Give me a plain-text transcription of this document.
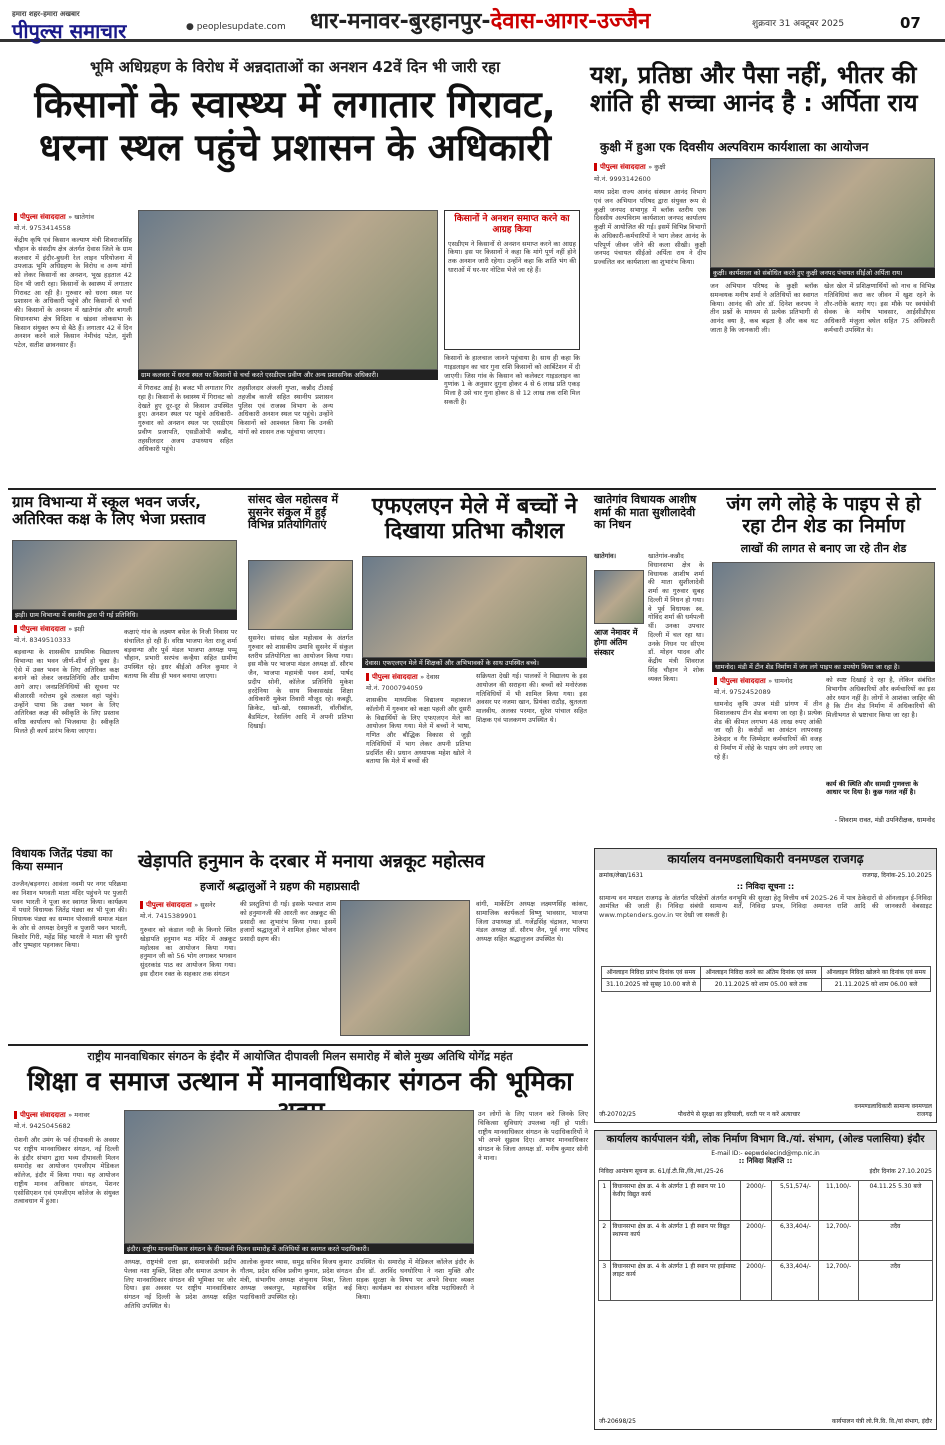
हमारा शहर-हमारा अखबार
पीपुल्स समाचार	● peoplesupdate.com धार-मनावर-बुरहानपुर-देवास-आगर-उज्जैन	शुक्रवार 31 अक्टूबर 2025	07
भूमि अधिग्रहण के विरोध में अन्नदाताओं का अनशन 42वें दिन भी जारी रहा
किसानों के स्वास्थ्य में लगातार गिरावट, धरना स्थल पहुंचे प्रशासन के अधिकारी
पीपुल्स संवाददाता » खातेगांव
मो.नं. 9753414558
केंद्रीय कृषि एवं किसान कल्याण मंत्री शिवराजसिंह चौहान के संसदीय क्षेत्र अंतर्गत देवास जिले के ग्राम कलवार में इंदौर-बुधनी रेल लाइन परियोजना में उपजाऊ भूमि अधिग्रहण के विरोध व अन्य मांगों को लेकर किसानों का अनशन, भूख हड़ताल 42 दिन भी जारी रहा। किसानों के स्वास्थ्य में लगातार गिरावट आ रही है। गुरुवार को धरना स्थल पर प्रशासन के अधिकारी पहुंचे और किसानों से चर्चा की। किसानों के अनशन में खातेगांव और बागली विधानसभा क्षेत्र विदिशा व खंडवा लोकसभा के किसान संयुक्त रूप से बैठे हैं। लगातार 42 वें दिन अनशन करने वाले किसान नेमीचंद पटेल, मुंशी पटेल, सतीश छावनसार हैं।
ग्राम कलवार में धरना स्थल पर किसानों से चर्चा करते एसडीएम प्रवीण और अन्य प्रशासनिक अधिकारी।
किसानों ने अनशन समाप्त करने का आग्रह किया
एसडीएम ने किसानों से अनशन समाप्त करने का आग्रह किया। इस पर किसानों ने कहा कि मांगे पूर्ण नहीं होने तक अनशन जारी रहेगा। उन्होंने कहा कि शांति भंग की धाराओं में घर-घर नोटिस भेजे जा रहे हैं।
किसानों के हालचाल जानने पहुंचाया है। साथ ही कहा कि गाइडलाइन का चार गुना राशि किसानों को आर्बिटेशन में दी जाएगी। जिस गांव के किसान को कलेक्टर गाइडलाइन का गुणांक 1 के अनुसार दुगुना होकर 4 से 6 लाख प्रति एकड़ मिला है उसे चार गुना होकर 8 से 12 लाख तक राशि मिल सकती है।
में गिरावट आई है। बजट भी लगातार गिर रहा है। किसानों के स्वास्थ्य में गिरावट को देखते हुए दूर-दूर से किसान उपस्थित हुए। अनशन स्थल पर पहुंचे अधिकारी- गुरुवार को अनशन स्थल पर एसडीएम प्रवीण प्रजापति, एसडीओपी कन्नौद, तहसीलदार अजय उपाध्याय सहित अधिकारी पहुंचे।
तहसीलदार अंजली गुप्ता, कन्नौद टीआई तहजीब काजी सहित स्थानीय प्रशासन पुलिस एवं राजस्व विभाग के अन्य अधिकारी अनशन स्थल पर पहुंचे। उन्होंने किसानों को आश्वस्त किया कि उनकी मांगों को शासन तक पहुंचाया जाएगा।
यश, प्रतिष्ठा और पैसा नहीं, भीतर की शांति ही सच्चा आनंद है : अर्पिता राय
कुक्षी में हुआ एक दिवसीय अल्पविराम कार्यशाला का आयोजन
पीपुल्स संवाददाता » कुक्षी
मो.नं. 9993142600
मध्य प्रदेश राज्य आनंद संस्थान आनंद विभाग एवं जन अभियान परिषद द्वारा संयुक्त रूप से कुक्षी जनपद सभागृह में ब्लॉक स्तरीय एक दिवसीय अल्पविराम कार्यशाला जनपद कार्यालय कुक्षी में आयोजित की गई। इसमें विभिन्न विभागों के अधिकारी-कर्मचारियों ने भाग लेकर आनंद के परिपूर्ण जीवन जीने की कला सीखी। कुक्षी जनपद पंचायत सीईओ अर्पिता राय ने दीप प्रज्वलित कर कार्यशाला का शुभारंभ किया।
कुक्षी। कार्यशाला को संबोधित करते हुए कुक्षी जनपद पंचायत सीईओ अर्पिता राय।
जन अभियान परिषद के कुक्षी ब्लॉक समन्वयक मनीष शर्मा ने अतिथियों का स्वागत किया। आनंद की ओर डॉ. दिनेश करपय ने तीन प्रश्नों के माध्यम से प्रत्येक प्रतिभागी से आनंद क्या है, कब बढ़ता है और कब घट जाता है कि जानकारी ली।
खेल खेल में प्रशिक्षणार्थियों को नाच व विभिन्न गतिविधियां करा कर जीवन में खुश रहने के तौर-तरीके बताए गए। इस मौके पर स्वयंसेवी सेवक के मनीष भावसार, आईसीडीएस अधिकारी मंजुला बघेल सहित 75 अधिकारी कर्मचारी उपस्थित थे।
ग्राम विभान्या में स्कूल भवन जर्जर, अतिरिक्त कक्ष के लिए भेजा प्रस्ताव
झड़ी। ग्राम विभान्या में स्थानीय द्वारा पी गई प्रतिनिधि।
पीपुल्स संवाददाता » झड़ी
मो.नं. 8349510333
बड़वान्या के शासकीय प्राथमिक विद्यालय विभान्या का भवन जीर्ण-शीर्ण हो चुका है। ऐसे में उक्त भवन के लिए अतिरिक्त कक्ष बनाने को लेकर जनप्रतिनिधि और ग्रामीण आगे आए। जनप्रतिनिधियों की सूचना पर बीआरसी नरोत्तम दुबे तत्काल वहां पहुंचे। उन्होंने पाया कि उक्त भवन के लिए अतिरिक्त कक्ष की स्वीकृति के लिए प्रस्ताव वरिष्ठ कार्यालय को भिजवाया है। स्वीकृति मिलते ही कार्य प्रारंभ किया जाएगा।
कक्षाएं गांव के लक्ष्मण बघेल के निजी निवास पर संचालित हो रही हैं। वरिष्ठ भाजपा नेता राजू शर्मा बड़वान्या और पूर्व मंडल भाजपा अध्यक्ष पप्पू चौहान, प्रभारी सरपंच कन्हैया सहित ग्रामीण उपस्थित रहे। इधर बीईओ अनिल कुमार ने बताया कि शीघ्र ही भवन बनाया जाएगा।
सांसद खेल महोत्सव में सुसनेर संकुल में हुईं विभिन्न प्रतियोगिताएं
सुसनेर। सांसद खेल महोत्सव के अंतर्गत गुरुवार को शासकीय उमावि सुसनेर में संकुल स्तरीय प्रतियोगिता का आयोजन किया गया। इस मौके पर भाजपा मंडल अध्यक्ष डॉ. सौरभ जैन, भाजपा महामंत्री पवन शर्मा, पार्षद प्रदीप सोनी, कॉलेज प्रतिनिधि मुकेश हरदेनिया के साथ विकासखंड शिक्षा अधिकारी मुकेश तिवारी मौजूद रहे। कबड्डी, क्रिकेट, खो-खो, रस्साकशी, वॉलीबॉल, बैडमिंटन, रेसलिंग आदि में अपनी प्रतिभा दिखाई।
एफएलएन मेले में बच्चों ने दिखाया प्रतिभा कौशल
देवास। एफएलएन मेले में शिक्षकों और अभिभावकों के साथ उपस्थित बच्चे।
पीपुल्स संवाददाता » देवास
मो.नं. 7000794059
शासकीय माध्यमिक विद्यालय महाकाल कॉलोनी में गुरुवार को कक्षा पहली और दूसरी के विद्यार्थियों के लिए एफएलएन मेले का आयोजन किया गया। मेले में बच्चों ने भाषा, गणित और बौद्धिक विकास से जुड़ी गतिविधियों में भाग लेकर अपनी प्रतिभा प्रदर्शित की। प्रधान अध्यापक महेश खोले ने बताया कि मेले में बच्चों की
सक्रियता देखी गई। पालकों ने विद्यालय के इस आयोजन की सराहना की। बच्चों को मनोरंजक गतिविधियों में भी शामिल किया गया। इस अवसर पर नजमा खान, प्रियंका राठौड़, श्रुतलता मालवीय, अलका परमार, सुरेश पांचाल सहित शिक्षक एवं पालकगण उपस्थित थे।
खातेगांव विधायक आशीष शर्मा की माता सुशीलादेवी का निधन
आज नेमावर में होगा अंतिम संस्कार
खातेगांव-कन्नौद विधानसभा क्षेत्र के विधायक आशीष शर्मा की माता सुशीलादेवी शर्मा का गुरुवार सुबह दिल्ली में निधन हो गया। वे पूर्व विधायक स्व. गोविंद शर्मा की धर्मपत्नी थीं। उनका उपचार दिल्ली में चल रहा था। उनके निधन पर सीएम डॉ. मोहन यादव और केंद्रीय मंत्री शिवराज सिंह चौहान ने शोक व्यक्त किया।
खातेगांव।
जंग लगे लोहे के पाइप से हो रहा टीन शेड का निर्माण
लाखों की लागत से बनाए जा रहे तीन शेड
धामनोद। मंडी में टीन शेड निर्माण में जंग लगे पाइप का उपयोग किया जा रहा है।
पीपुल्स संवाददाता » धामनोद
मो.नं. 9752452089
धामनोद कृषि उपज मंडी प्रांगण में तीन विशालकाय टीन शेड बनाया जा रहा है। प्रत्येक शेड की कीमत लगभग 48 लाख रुपए आंकी जा रही है। करोड़ों का आवंटन लापरवाह ठेकेदार व गैर जिम्मेदार कर्मचारियों की वजह से निर्माण में लोहे के पाइप जंग लगे लगाए जा रहे हैं।
को स्पष्ट दिखाई दे रहा है, लेकिन संबंधित विभागीय अधिकारियों और कर्मचारियों का इस ओर ध्यान नहीं है। लोगों ने आशंका जाहिर की है कि टीन शेड निर्माण में अधिकारियों की मिलीभगत से भ्रष्टाचार किया जा रहा है।
कार्य की स्थिति और सामग्री गुणवत्ता के आधार पर दिया है। कुछ गलत नहीं है।
- शिवराम रावत, मंडी उपनिरीक्षक, धामनोद
विधायक जितेंद्र पंड्या का किया सम्मान
उज्जैन/बड़नगर। आवंला नवमी पर नगर परिक्रमा का निशान भगवती माता मंदिर पहुंचने पर पुजारी पवन भारती ने पूजा कर स्वागत किया। कार्यक्रम में पधारे विधायक जितेंद्र पंड्या का भी पूजा की। विधायक पंड्या का सम्मान पोरवाली समाज मंडल के ओर से अध्यक्ष देवपुरी व पुजारी पवन भारती, किशोर गिरी, महेंद्र सिंह भारती ने माता की चुनरी और पुष्पहार पहनाकर किया।
खेड़ापति हनुमान के दरबार में मनाया अन्नकूट महोत्सव
हजारों श्रद्धालुओं ने ग्रहण की महाप्रसादी
पीपुल्स संवाददाता » सुसनेर
मो.नं. 7415389901
गुरुवार को कंडाल नदी के किनारे स्थित खेड़ापति हनुमान मठ मंदिर में अन्नकूट महोत्सव का आयोजन किया गया। हनुमान जी को 56 भोग लगाकर भगवान सुंदरकांड पाठ का आयोजन किया गया। इस दौरान रक्त के सहकार तक संगठन
की प्रस्तुतियां दी गई। इसके पश्चात शाम को हनुमानजी की आरती कर अन्नकूट की प्रसादी का शुभारंभ किया गया। इसमें हजारों श्रद्धालुओं ने शामिल होकर भोजन प्रसादी ग्रहण की।
वांगी, मार्केटिंग अध्यक्ष लक्ष्मणसिंह कांकर, सामाजिक कार्यकर्ता विष्णु भावसार, भाजपा जिला उपाध्यक्ष डॉ. गजेंद्रसिंह चंद्रावत, भाजपा मंडल अध्यक्ष डॉ. सौरभ जैन, पूर्व नगर परिषद अध्यक्ष सहित श्रद्धालुजन उपस्थित थे।
कार्यालय वनमण्डलाधिकारी वनमण्डल राजगढ़
क्रमांक/लेखा/1631	राजगढ़, दिनांक-25.10.2025
:: निविदा सूचना ::
सामान्य वन मण्डल राजगढ़ के अंतर्गत परिक्षेत्रों अंतर्गत वनभूमि की सुरक्षा हेतु वित्तीय वर्ष 2025-26 में पात्र ठेकेदारों से ऑनलाइन ई-निविदा आमंत्रित की जाती हैं। निविदा संबंधी सामान्य शर्तें, निविदा प्रपत्र, निविदा अमानत राशि आदि की जानकारी वेबसाइट www.mptenders.gov.in पर देखी जा सकती है।
ऑनलाइन निविदा प्रारंभ दिनांक एवं समय	ऑनलाइन निविदा करने का अंतिम दिनांक एवं समय	ऑनलाइन निविदा खोलने का दिनांक एवं समय
31.10.2025 को सुबह 10.00 बजे से	20.11.2025 को शाम 05.00 बजे तक	21.11.2025 को शाम 06.00 बजे
जी-20702/25	पौधरोपे से सुरक्षा का हरियाली, धरती पर न करें अत्याचार
वनमण्डलाधिकारी सामान्य वनमण्डल राजगढ़
राष्ट्रीय मानवाधिकार संगठन के इंदौर में आयोजित दीपावली मिलन समारोह में बोले मुख्य अतिथि योगेंद्र महंत
शिक्षा व समाज उत्थान में मानवाधिकार संगठन की भूमिका
पीपुल्स संवाददाता » मनावर
मो.नं. 9425045682
रोशनी और उमंग के पर्व दीपावली के अवसर पर राष्ट्रीय मानवाधिकार संगठन, नई दिल्ली के इंदौर संभाग द्वारा भव्य दीपावली मिलन समारोह का आयोजन एमजीएम मेडिकल कॉलेज, इंदौर में किया गया। यह आयोजन राष्ट्रीय मानव अधिकार संगठन, पेंशनर एसोसिएशन एवं एमजीएम कॉलेज के संयुक्त तत्वावधान में हुआ।
इंदौर। राष्ट्रीय मानवाधिकार संगठन के दीपावली मिलन समारोह में अतिथियों का स्वागत करते पदाधिकारी।
अध्यक्ष, राष्ट्रमंत्री दत्ता झा, समाजसेवी प्रदीप पेलवा नशा मुक्ति, शिक्षा और समाज उत्थान के लिए मानवाधिकार संगठन की भूमिका पर जोर दिया। इस अवसर पर राष्ट्रीय मानवाधिकार संगठन नई दिल्ली के प्रदेश अध्यक्ष सहित अतिथि उपस्थित थे।
आलोक कुमार व्यास, समुद्र सचिव विजय कुमार गौतम, प्रदेश सचिव प्रवीण कुमार, प्रदेश संगठन मंत्री, संभागीय अध्यक्ष शंभुनाथ मिश्रा, जिला अध्यक्ष जबलपुर, महासचिव सहित कई पदाधिकारी उपस्थित रहे।
उपस्थित थे। समारोह में मेडिकल कॉलेज इंदौर के डीन डॉ. अरविंद घनघोरिया ने नशा मुक्ति और सड़क सुरक्षा के विषय पर अपने विचार व्यक्त किए। कार्यक्रम का संचालन वरिष्ठ पदाधिकारी ने किया।
उन लोगों के लिए पालन करे जिनके लिए चिकित्सा सुविधाएं उपलब्ध नहीं हो पाती। राष्ट्रीय मानवाधिकार संगठन के पदाधिकारियों ने भी अपने सुझाव दिए। आभार मानवाधिकार संगठन के जिला अध्यक्ष डॉ. मनीष कुमार सोनी ने माना।
कार्यालय कार्यपालन यंत्री, लोक निर्माण विभाग वि./यां. संभाग, (ओल्ड पलासिया) इंदौर
E-mail ID:- eepwdelecind@mp.nic.in
:: निविदा विज्ञप्ति ::
निविदा आमंत्रण सूचना क्र. 61/ई.टी.सि./वि./यां./25-26	इंदौर दिनांक 27.10.2025
1	विधानसभा क्षेत्र क्र. 4 के अंतर्गत 1 ही स्थान पर 10 केवीए विद्युत कार्य	2000/-	5,51,574/-	11,100/-	04.11.25 5.30 बजे
2	विधानसभा क्षेत्र क्र. 4 के अंतर्गत 1 ही स्थान पर विद्युत स्थापना कार्य	2000/-	6,33,404/-	12,700/-	तदैव
3	विधानसभा क्षेत्र क्र. 4 के अंतर्गत 1 ही स्थान पर हाईमास्ट लाइट कार्य	2000/-	6,33,404/-	12,700/-	तदैव
जी-20698/25	कार्यपालन यंत्री लो.नि.वि. वि./यां संभाग, इंदौर
